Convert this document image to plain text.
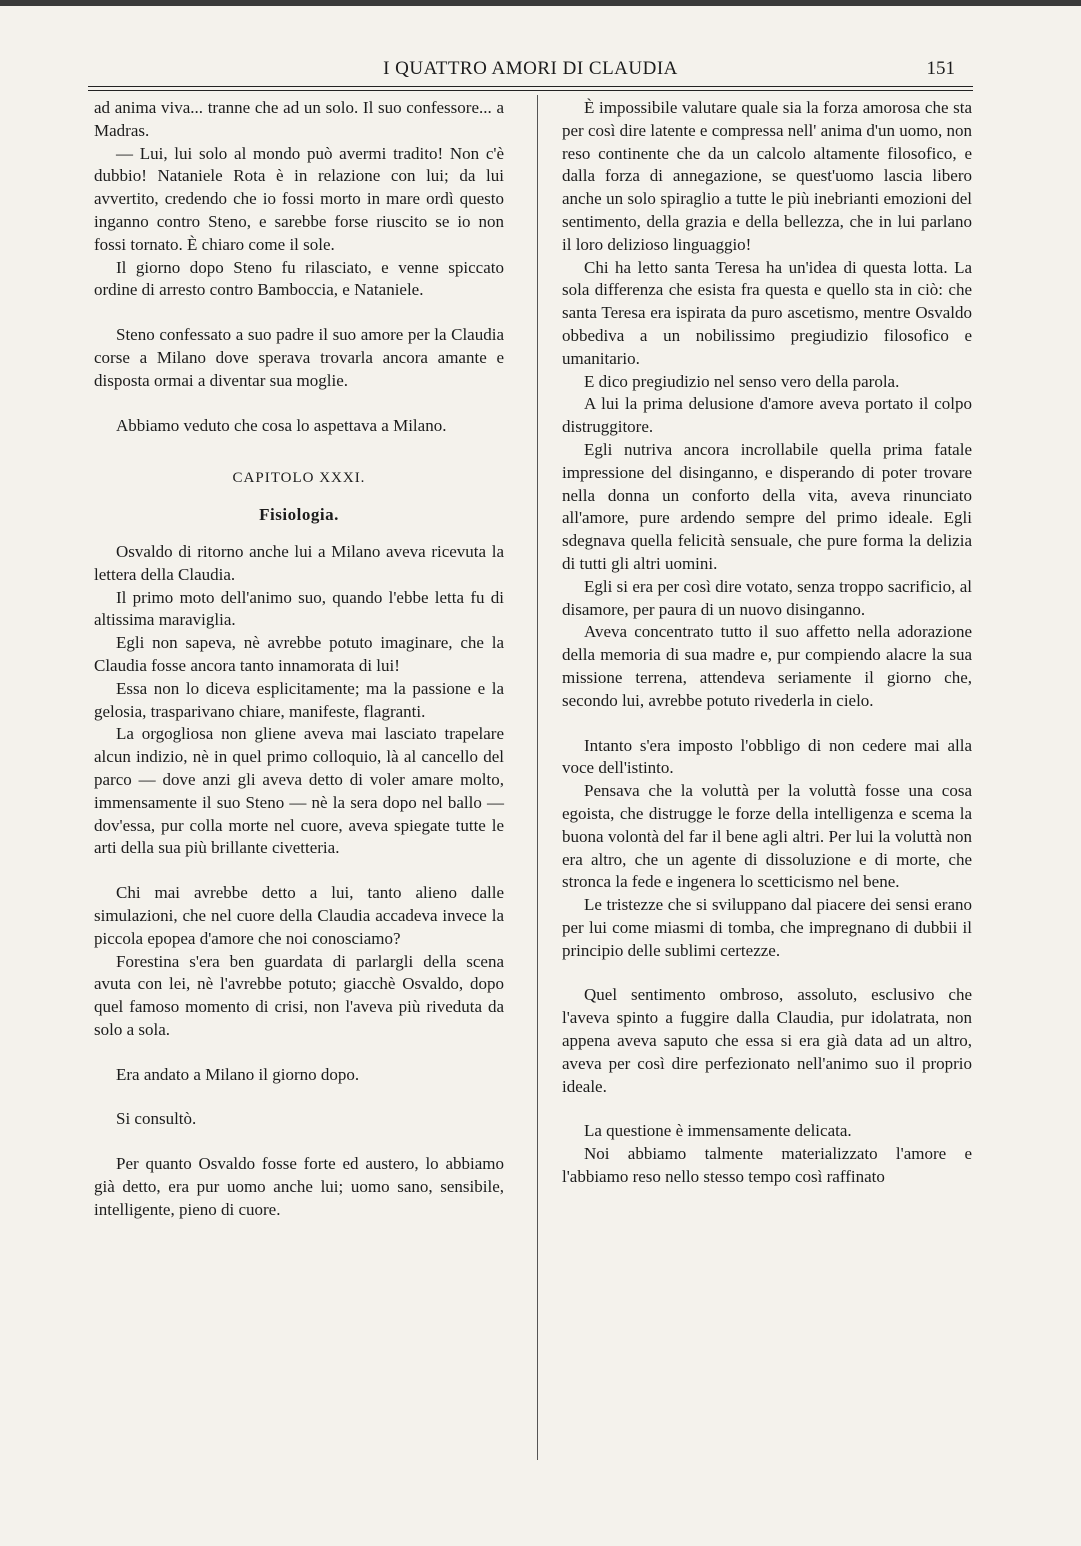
I QUATTRO AMORI DI CLAUDIA	151

ad anima viva... tranne che ad un solo. Il suo confessore... a Madras.

— Lui, lui solo al mondo può avermi tradito! Non c'è dubbio! Nataniele Rota è in relazione con lui; da lui avvertito, credendo che io fossi morto in mare ordì questo inganno contro Steno, e sarebbe forse riuscito se io non fossi tornato. È chiaro come il sole.

Il giorno dopo Steno fu rilasciato, e venne spiccato ordine di arresto contro Bamboccia, e Nataniele.

Steno confessato a suo padre il suo amore per la Claudia corse a Milano dove sperava trovarla ancora amante e disposta ormai a diventar sua moglie.

Abbiamo veduto che cosa lo aspettava a Milano.

CAPITOLO XXXI.
Fisiologia.

Osvaldo di ritorno anche lui a Milano aveva ricevuta la lettera della Claudia.

Il primo moto dell'animo suo, quando l'ebbe letta fu di altissima maraviglia.

Egli non sapeva, nè avrebbe potuto imaginare, che la Claudia fosse ancora tanto innamorata di lui!

Essa non lo diceva esplicitamente; ma la passione e la gelosia, trasparivano chiare, manifeste, flagranti.

La orgogliosa non gliene aveva mai lasciato trapelare alcun indizio, nè in quel primo colloquio, là al cancello del parco — dove anzi gli aveva detto di voler amare molto, immensamente il suo Steno — nè la sera dopo nel ballo — dov'essa, pur colla morte nel cuore, aveva spiegate tutte le arti della sua più brillante civetteria.

Chi mai avrebbe detto a lui, tanto alieno dalle simulazioni, che nel cuore della Claudia accadeva invece la piccola epopea d'amore che noi conosciamo?

Forestina s'era ben guardata di parlargli della scena avuta con lei, nè l'avrebbe potuto; giacchè Osvaldo, dopo quel famoso momento di crisi, non l'aveva più riveduta da solo a sola.

Era andato a Milano il giorno dopo.

Si consultò.

Per quanto Osvaldo fosse forte ed austero, lo abbiamo già detto, era pur uomo anche lui; uomo sano, sensibile, intelligente, pieno di cuore.

È impossibile valutare quale sia la forza amorosa che sta per così dire latente e compressa nell' anima d'un uomo, non reso continente che da un calcolo altamente filosofico, e dalla forza di annegazione, se quest'uomo lascia libero anche un solo spiraglio a tutte le più inebrianti emozioni del sentimento, della grazia e della bellezza, che in lui parlano il loro delizioso linguaggio!

Chi ha letto santa Teresa ha un'idea di questa lotta. La sola differenza che esista fra questa e quello sta in ciò: che santa Teresa era ispirata da puro ascetismo, mentre Osvaldo obbediva a un nobilissimo pregiudizio filosofico e umanitario.

E dico pregiudizio nel senso vero della parola.

A lui la prima delusione d'amore aveva portato il colpo distruggitore.

Egli nutriva ancora incrollabile quella prima fatale impressione del disinganno, e disperando di poter trovare nella donna un conforto della vita, aveva rinunciato all'amore, pure ardendo sempre del primo ideale. Egli sdegnava quella felicità sensuale, che pure forma la delizia di tutti gli altri uomini.

Egli si era per così dire votato, senza troppo sacrificio, al disamore, per paura di un nuovo disinganno.

Aveva concentrato tutto il suo affetto nella adorazione della memoria di sua madre e, pur compiendo alacre la sua missione terrena, attendeva seriamente il giorno che, secondo lui, avrebbe potuto rivederla in cielo.

Intanto s'era imposto l'obbligo di non cedere mai alla voce dell'istinto.

Pensava che la voluttà per la voluttà fosse una cosa egoista, che distrugge le forze della intelligenza e scema la buona volontà del far il bene agli altri. Per lui la voluttà non era altro, che un agente di dissoluzione e di morte, che stronca la fede e ingenera lo scetticismo nel bene.

Le tristezze che si sviluppano dal piacere dei sensi erano per lui come miasmi di tomba, che impregnano di dubbii il principio delle sublimi certezze.

Quel sentimento ombroso, assoluto, esclusivo che l'aveva spinto a fuggire dalla Claudia, pur idolatrata, non appena aveva saputo che essa si era già data ad un altro, aveva per così dire perfezionato nell'animo suo il proprio ideale.

La questione è immensamente delicata.

Noi abbiamo talmente materializzato l'amore e l'abbiamo reso nello stesso tempo così raffinato
